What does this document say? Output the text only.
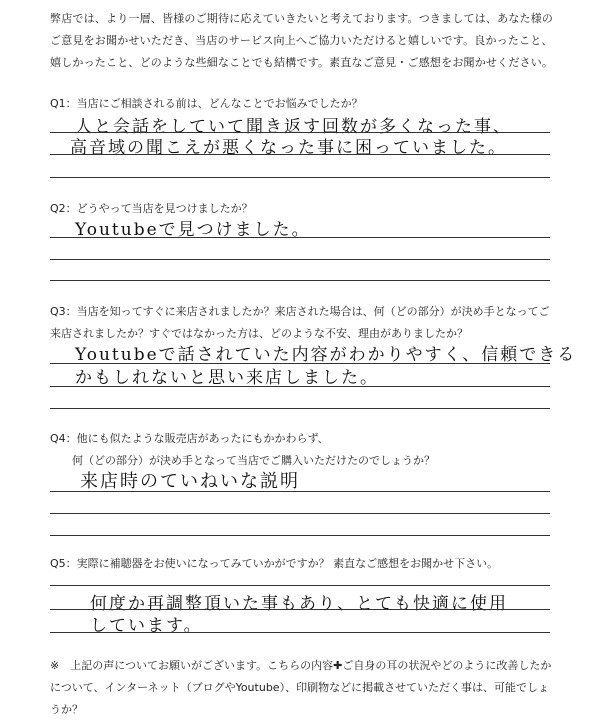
弊店では、より一層、皆様のご期待に応えていきたいと考えております。つきましては、あなた様のご意見をお聞かせいただき、当店のサービス向上へご協力いただけると嬉しいです。良かったこと、嬉しかったこと、どのような些細なことでも結構です。素直なご意見・ご感想をお聞かせください。

Q1：当店にご相談される前は、どんなことでお悩みでしたか？

人と会話をしていて聞き返す回数が多くなった事、
高音域の聞こえが悪くなった事に困っていました。

Q2：どうやって当店を見つけましたか？

Youtubeで見つけました。

Q3：当店を知ってすぐに来店されましたか？来店された場合は、何（どの部分）が決め手となってご来店されましたか？すぐではなかった方は、どのような不安、理由がありましたか？

Youtubeで話されていた内容がわかりやすく、信頼できる
かもしれないと思い来店しました。

Q4：他にも似たような販売店があったにもかかわらず、

何（どの部分）が決め手となって当店でご購入いただけたのでしょうか？

来店時のていねいな説明

Q5：実際に補聴器をお使いになってみていかがですか？ 素直なご感想をお聞かせ下さい。

何度か再調整頂いた事もあり、とても快適に使用
しています。

※　上記の声についてお願いがございます。こちらの内容✚ご自身の耳の状況やどのように改善したかについて、インターネット（ブログやYoutube）、印刷物などに掲載させていただく事は、可能でしょうか？
